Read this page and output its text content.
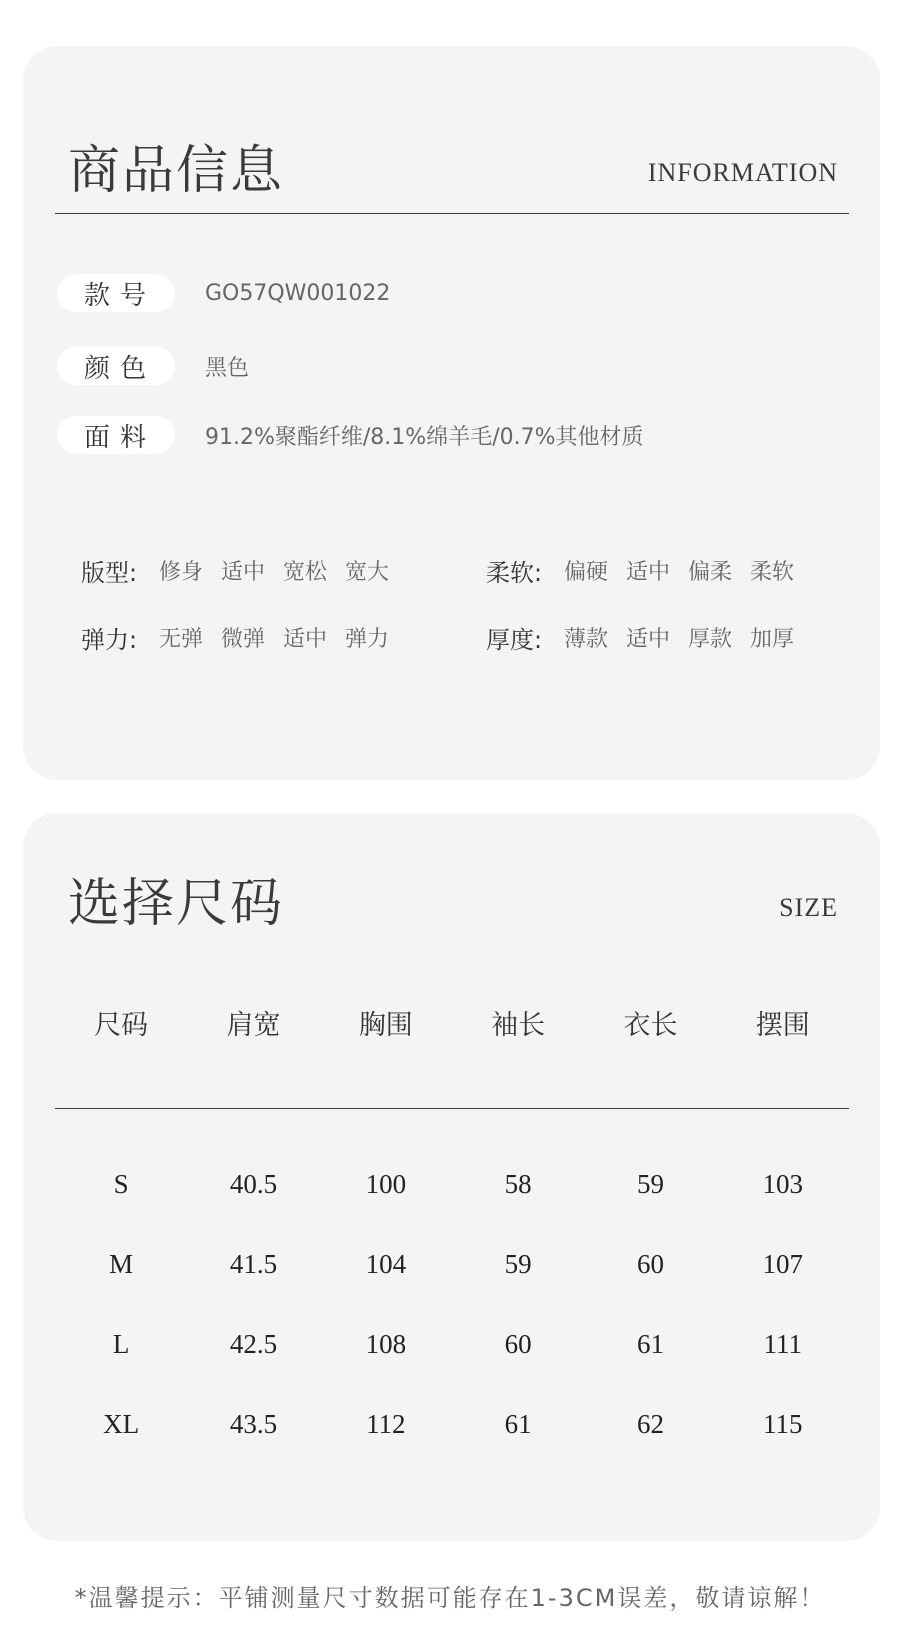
商品信息	INFORMATION
款号	GO57QW001022
颜色	黑色
面料	91.2%聚酯纤维/8.1%绵羊毛/0.7%其他材质
版型: 修身 适中 宽松 宽大	柔软: 偏硬 适中 偏柔 柔软
弹力: 无弹 微弹 适中 弹力	厚度: 薄款 适中 厚款 加厚
选择尺码	SIZE
尺码	肩宽	胸围	袖长	衣长	摆围
S	40.5	100	58	59	103
M	41.5	104	59	60	107
L	42.5	108	60	61	111
XL	43.5	112	61	62	115
*温馨提示：平铺测量尺寸数据可能存在1-3CM误差，敬请谅解！
